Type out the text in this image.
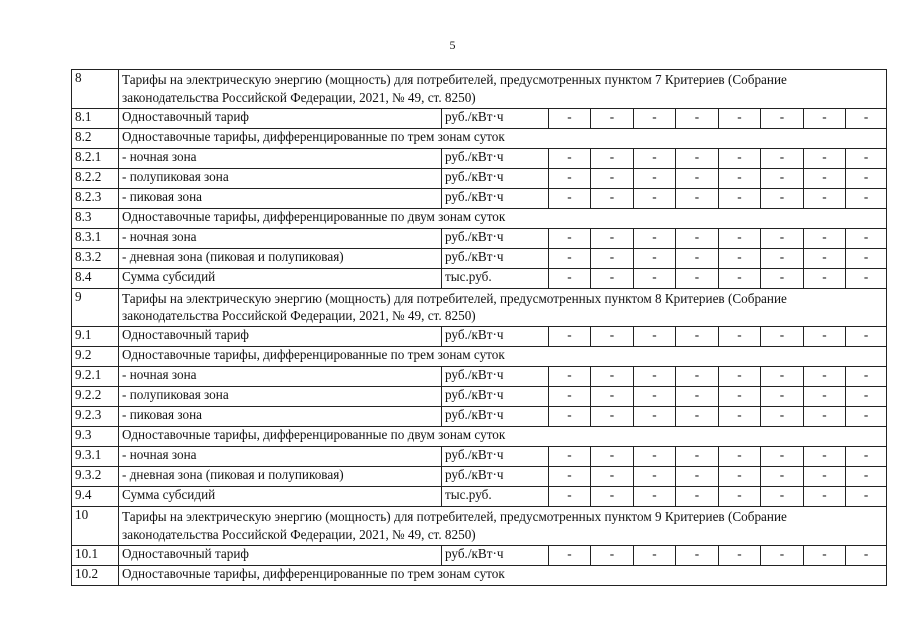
5
8	Тарифы на электрическую энергию (мощность) для потребителей, предусмотренных пунктом 7 Критериев (Собрание законодательства Российской Федерации, 2021, № 49, ст. 8250)									
8.1	Одноставочный тариф	руб./кВт·ч	-	-	-	-	-	-	-	-
8.2	Одноставочные тарифы, дифференцированные по трем зонам суток									
8.2.1	- ночная зона	руб./кВт·ч	-	-	-	-	-	-	-	-
8.2.2	- полупиковая зона	руб./кВт·ч	-	-	-	-	-	-	-	-
8.2.3	- пиковая зона	руб./кВт·ч	-	-	-	-	-	-	-	-
8.3	Одноставочные тарифы, дифференцированные по двум зонам суток									
8.3.1	- ночная зона	руб./кВт·ч	-	-	-	-	-	-	-	-
8.3.2	- дневная зона (пиковая и полупиковая)	руб./кВт·ч	-	-	-	-	-	-	-	-
8.4	Сумма субсидий	тыс.руб.	-	-	-	-	-	-	-	-
9	Тарифы на электрическую энергию (мощность) для потребителей, предусмотренных пунктом 8 Критериев (Собрание законодательства Российской Федерации, 2021, № 49, ст. 8250)									
9.1	Одноставочный тариф	руб./кВт·ч	-	-	-	-	-	-	-	-
9.2	Одноставочные тарифы, дифференцированные по трем зонам суток									
9.2.1	- ночная зона	руб./кВт·ч	-	-	-	-	-	-	-	-
9.2.2	- полупиковая зона	руб./кВт·ч	-	-	-	-	-	-	-	-
9.2.3	- пиковая зона	руб./кВт·ч	-	-	-	-	-	-	-	-
9.3	Одноставочные тарифы, дифференцированные по двум зонам суток									
9.3.1	- ночная зона	руб./кВт·ч	-	-	-	-	-	-	-	-
9.3.2	- дневная зона (пиковая и полупиковая)	руб./кВт·ч	-	-	-	-	-	-	-	-
9.4	Сумма субсидий	тыс.руб.	-	-	-	-	-	-	-	-
10	Тарифы на электрическую энергию (мощность) для потребителей, предусмотренных пунктом 9 Критериев (Собрание законодательства Российской Федерации, 2021, № 49, ст. 8250)									
10.1	Одноставочный тариф	руб./кВт·ч	-	-	-	-	-	-	-	-
10.2	Одноставочные тарифы, дифференцированные по трем зонам суток									
